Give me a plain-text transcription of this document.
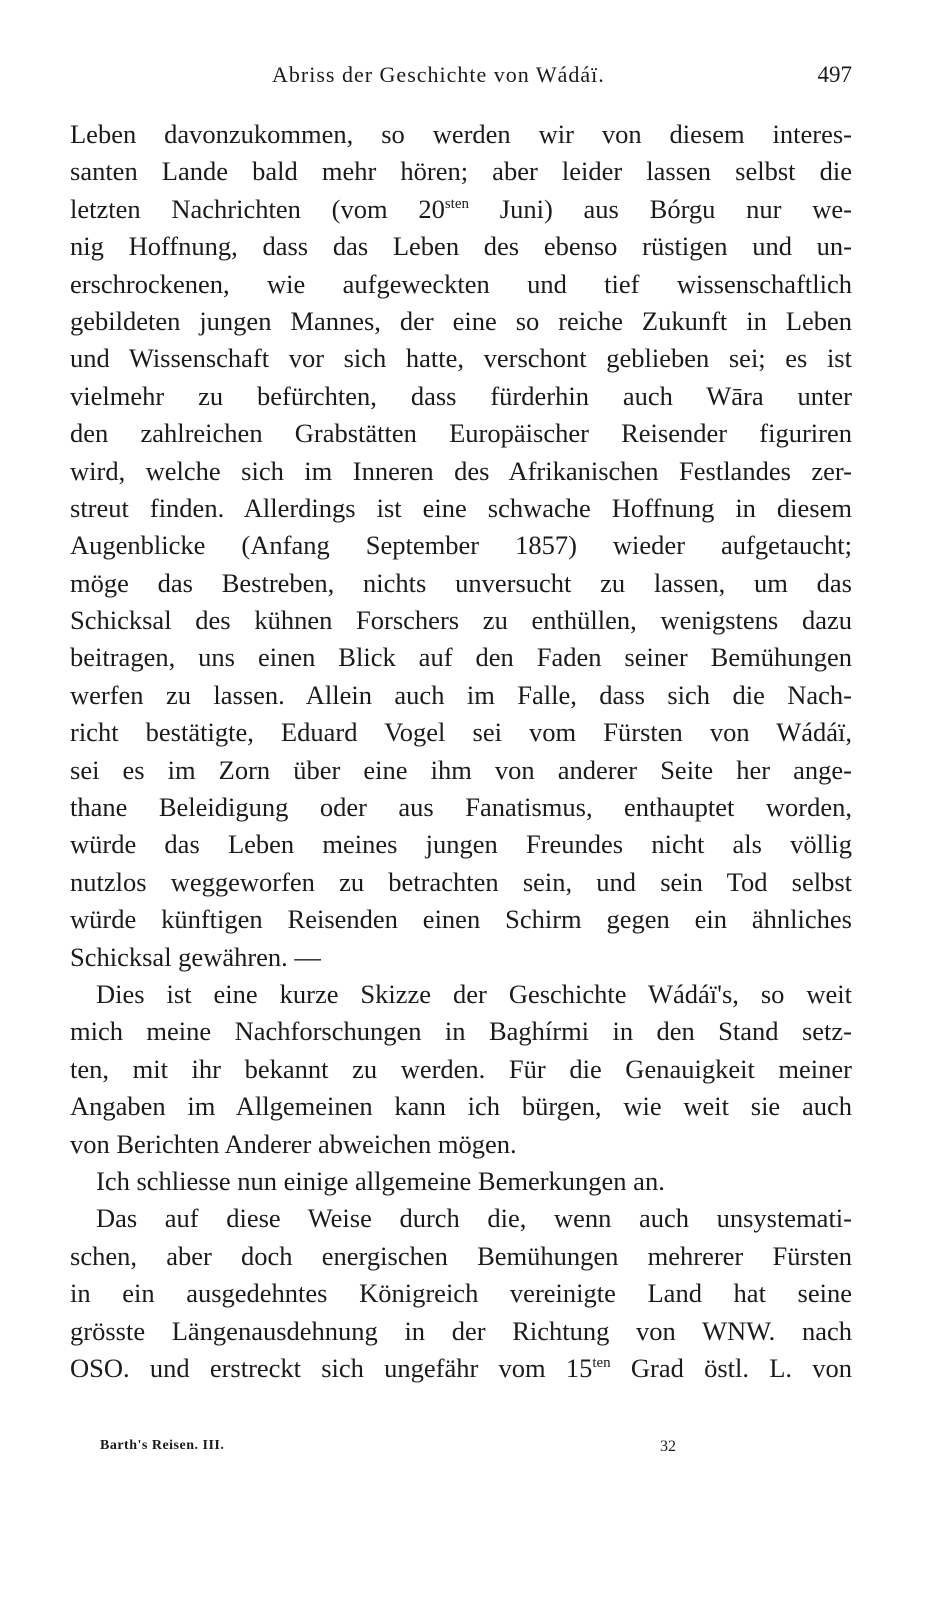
Abriss der Geschichte von Wádáï.	497
Leben davonzukommen, so werden wir von diesem interes-
santen Lande bald mehr hören; aber leider lassen selbst die
letzten Nachrichten (vom $20^{sten}$ Juni) aus Bórgu nur we-
nig Hoffnung, dass das Leben des ebenso rüstigen und un-
erschrockenen, wie aufgeweckten und tief wissenschaftlich
gebildeten jungen Mannes, der eine so reiche Zukunft in Leben
und Wissenschaft vor sich hatte, verschont geblieben sei; es ist
vielmehr zu befürchten, dass fürderhin auch Wāra unter
den zahlreichen Grabstätten Europäischer Reisender figuriren
wird, welche sich im Inneren des Afrikanischen Festlandes zer-
streut finden. Allerdings ist eine schwache Hoffnung in diesem
Augenblicke (Anfang September 1857) wieder aufgetaucht;
möge das Bestreben, nichts unversucht zu lassen, um das
Schicksal des kühnen Forschers zu enthüllen, wenigstens dazu
beitragen, uns einen Blick auf den Faden seiner Bemühungen
werfen zu lassen. Allein auch im Falle, dass sich die Nach-
richt bestätigte, Eduard Vogel sei vom Fürsten von Wádáï,
sei es im Zorn über eine ihm von anderer Seite her ange-
thane Beleidigung oder aus Fanatismus, enthauptet worden,
würde das Leben meines jungen Freundes nicht als völlig
nutzlos weggeworfen zu betrachten sein, und sein Tod selbst
würde künftigen Reisenden einen Schirm gegen ein ähnliches
Schicksal gewähren. —
Dies ist eine kurze Skizze der Geschichte Wádáï's, so weit
mich meine Nachforschungen in Baghírmi in den Stand setz-
ten, mit ihr bekannt zu werden. Für die Genauigkeit meiner
Angaben im Allgemeinen kann ich bürgen, wie weit sie auch
von Berichten Anderer abweichen mögen.
Ich schliesse nun einige allgemeine Bemerkungen an.
Das auf diese Weise durch die, wenn auch unsystemati-
schen, aber doch energischen Bemühungen mehrerer Fürsten
in ein ausgedehntes Königreich vereinigte Land hat seine
grösste Längenausdehnung in der Richtung von WNW. nach
OSO. und erstreckt sich ungefähr vom $15^{ten}$ Grad östl. L. von
Barth's Reisen. III.	32
